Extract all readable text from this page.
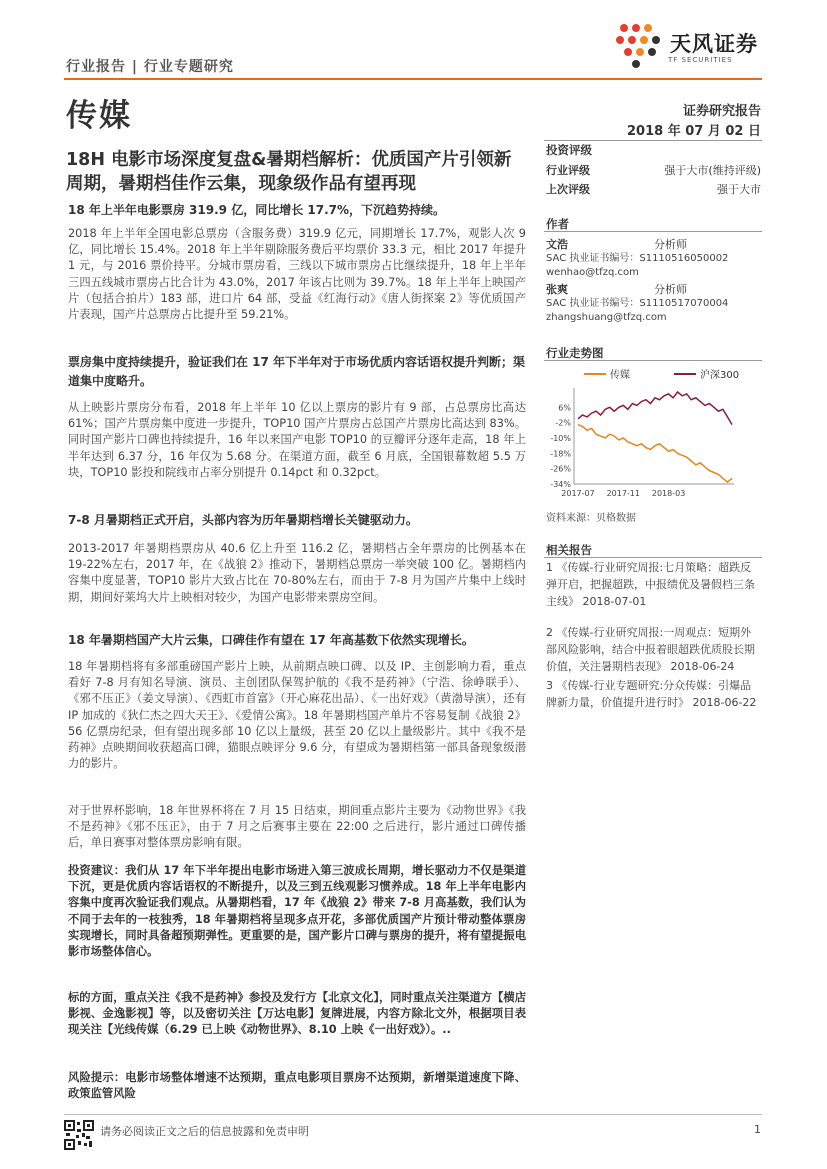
行业报告 | 行业专题研究
天风证券
TF SECURITIES
传媒	证券研究报告
2018 年 07 月 02 日
18H 电影市场深度复盘&暑期档解析：优质国产片引领新周期，暑期档佳作云集，现象级作品有望再现
18 年上半年电影票房 319.9 亿，同比增长 17.7%，下沉趋势持续。
2018 年上半年全国电影总票房（含服务费）319.9 亿元，同期增长 17.7%，观影人次 9 亿，同比增长 15.4%。2018 年上半年剔除服务费后平均票价 33.3 元，相比 2017 年提升 1 元，与 2016 票价持平。分城市票房看，三线以下城市票房占比继续提升，18 年上半年三四五线城市票房占比合计为 43.0%，2017 年该占比则为 39.7%。18 年上半年上映国产片（包括合拍片）183 部，进口片 64 部，受益《红海行动》《唐人街探案 2》等优质国产片表现，国产片总票房占比提升至 59.21%。
票房集中度持续提升，验证我们在 17 年下半年对于市场优质内容话语权提升判断；渠道集中度略升。
从上映影片票房分布看，2018 年上半年 10 亿以上票房的影片有 9 部，占总票房比高达 61%；国产片票房集中度进一步提升，TOP10 国产片票房占总国产片票房比高达到 83%。同时国产影片口碑也持续提升，16 年以来国产电影 TOP10 的豆瓣评分逐年走高，18 年上半年达到 6.37 分，16 年仅为 5.68 分。在渠道方面，截至 6 月底，全国银幕数超 5.5 万块，TOP10 影投和院线市占率分别提升 0.14pct 和 0.32pct。
7-8 月暑期档正式开启，头部内容为历年暑期档增长关键驱动力。
2013-2017 年暑期档票房从 40.6 亿上升至 116.2 亿，暑期档占全年票房的比例基本在 19-22%左右，2017 年，在《战狼 2》推动下，暑期档总票房一举突破 100 亿。暑期档内容集中度显著，TOP10 影片大致占比在 70-80%左右，而由于 7-8 月为国产片集中上线时期，期间好莱坞大片上映相对较少，为国产电影带来票房空间。
18 年暑期档国产大片云集，口碑佳作有望在 17 年高基数下依然实现增长。
18 年暑期档将有多部重磅国产影片上映，从前期点映口碑、以及 IP、主创影响力看，重点看好 7-8 月有知名导演、演员、主创团队保驾护航的《我不是药神》（宁浩、徐峥联手）、《邪不压正》（姜文导演）、《西虹市首富》（开心麻花出品）、《一出好戏》（黄渤导演），还有 IP 加成的《狄仁杰之四大天王》、《爱情公寓》。18 年暑期档国产单片不容易复制《战狼 2》56 亿票房纪录，但有望出现多部 10 亿以上量级，甚至 20 亿以上量级影片。其中《我不是药神》点映期间收获超高口碑，猫眼点映评分 9.6 分，有望成为暑期档第一部具备现象级潜力的影片。
对于世界杯影响，18 年世界杯将在 7 月 15 日结束，期间重点影片主要为《动物世界》《我不是药神》《邪不压正》，由于 7 月之后赛事主要在 22:00 之后进行，影片通过口碑传播后，单日赛事对整体票房影响有限。
投资建议：我们从 17 年下半年提出电影市场进入第三波成长周期，增长驱动力不仅是渠道下沉，更是优质内容话语权的不断提升，以及三到五线观影习惯养成。18 年上半年电影内容集中度再次验证我们观点。从暑期档看，17 年《战狼 2》带来 7-8 月高基数，我们认为不同于去年的一枝独秀，18 年暑期档将呈现多点开花，多部优质国产片预计带动整体票房实现增长，同时具备超预期弹性。更重要的是，国产影片口碑与票房的提升，将有望提振电影市场整体信心。
标的方面，重点关注《我不是药神》参投及发行方【北京文化】，同时重点关注渠道方【横店影视、金逸影视】等，以及密切关注【万达电影】复牌进展，内容方除北文外，根据项目表现关注【光线传媒（6.29 已上映《动物世界》、8.10 上映《一出好戏》）。..
风险提示：电影市场整体增速不达预期，重点电影项目票房不达预期，新增渠道速度下降、政策监管风险
投资评级
行业评级	强于大市(维持评级)
上次评级	强于大市
作者
文浩	分析师
SAC 执业证书编号：S1110516050002
wenhao@tfzq.com
张爽	分析师
SAC 执业证书编号：S1110517070004
zhangshuang@tfzq.com
行业走势图
传媒	沪深300
6%
-2%
-10%
-18%
-26%
-34%
2017-07 2017-11 2018-03
资料来源：贝格数据
相关报告
1 《传媒-行业研究周报:七月策略：超跌反弹开启，把握超跌，中报绩优及暑假档三条主线》 2018-07-01
2 《传媒-行业研究周报:一周观点：短期外部风险影响，结合中报着眼超跌优质股长期价值，关注暑期档表现》 2018-06-24
3 《传媒-行业专题研究:分众传媒：引爆品牌新力量，价值提升进行时》 2018-06-22
请务必阅读正文之后的信息披露和免责申明	1
